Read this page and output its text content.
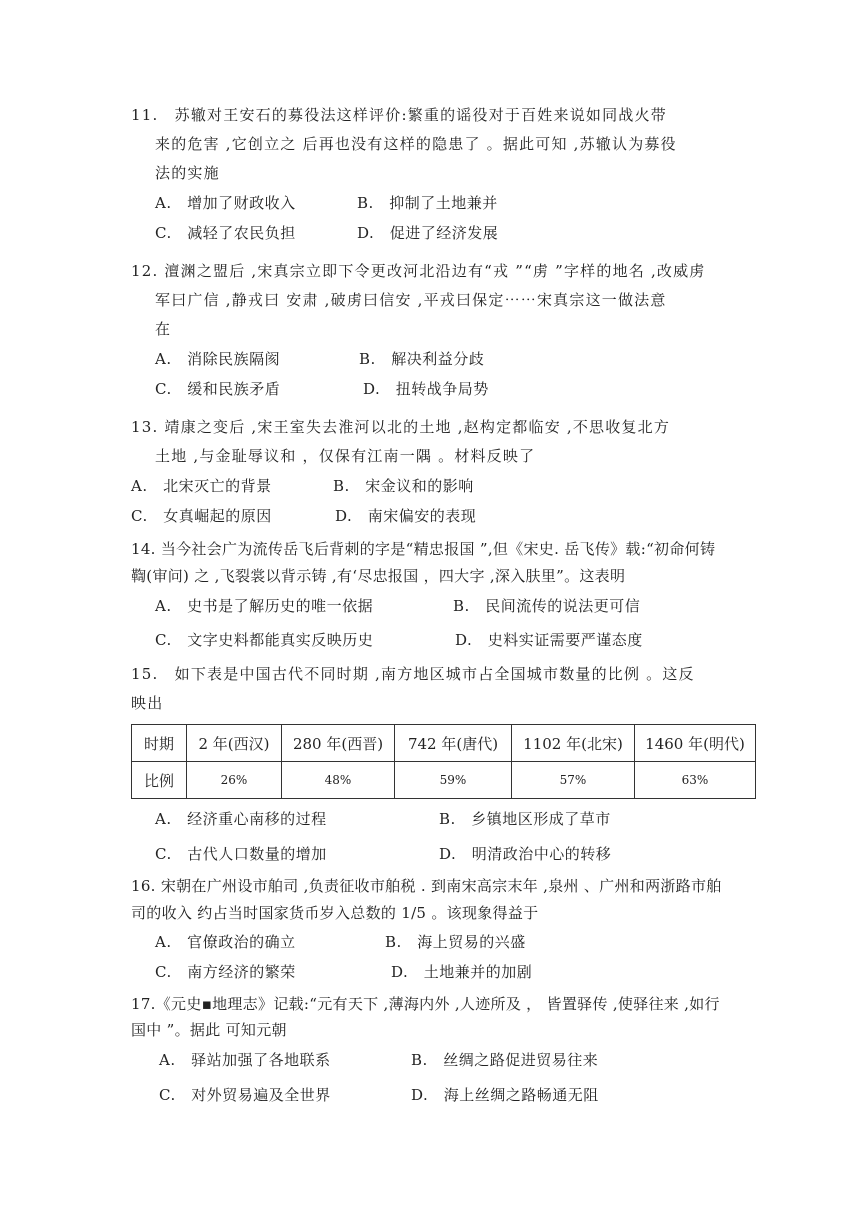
11.　苏辙对王安石的募役法这样评价:繁重的谣役对于百姓来说如同战火带
来的危害 ,它创立之 后再也没有这样的隐患了 。据此可知 ,苏辙认为募役
法的实施
A.　增加了财政收入	B.　抑制了土地兼并
C.　减轻了农民负担	D.　促进了经济发展
12. 澶渊之盟后 ,宋真宗立即下令更改河北沿边有“戎 ”“虏 ”字样的地名 ,改威虏
军曰广信 ,静戎曰 安肃 ,破虏曰信安 ,平戎曰保定⋯⋯宋真宗这一做法意
在
A.　消除民族隔阂	B.　解决利益分歧
C.　缓和民族矛盾	D.　扭转战争局势
13. 靖康之变后 ,宋王室失去淮河以北的土地 ,赵构定都临安 ,不思收复北方
土地 ,与金耻辱议和 ，仅保有江南一隅 。材料反映了
A.　北宋灭亡的背景	B.　宋金议和的影响
C.　女真崛起的原因	D.　南宋偏安的表现
14. 当今社会广为流传岳飞后背刺的字是“精忠报国 ”,但《宋史. 岳飞传》载:“初命何铸
鞫(审问) 之 ,飞裂裳以背示铸 ,有‘尽忠报国 ，四大字 ,深入肤里”。这表明
A.　史书是了解历史的唯一依据	B.　民间流传的说法更可信
C.　文字史料都能真实反映历史	D.　史料实证需要严谨态度
15.　如下表是中国古代不同时期 ,南方地区城市占全国城市数量的比例 。这反
映出
时期	2 年(西汉)	280 年(西晋)	742 年(唐代)	1102 年(北宋)	1460 年(明代)
比例	26%	48%	59%	57%	63%
A.　经济重心南移的过程	B.　乡镇地区形成了草市
C.　古代人口数量的增加	D.　明清政治中心的转移
16. 宋朝在广州设市舶司 ,负责征收市舶税 . 到南宋高宗末年 ,泉州 、广州和两浙路市舶
司的收入 约占当时国家货币岁入总数的 1/5 。该现象得益于
A.　官僚政治的确立	B.　海上贸易的兴盛
C.　南方经济的繁荣	D.　土地兼并的加剧
17.《元史▪地理志》记载:“元有天下 ,薄海内外 ,人迹所及 ， 皆置驿传 ,使驿往来 ,如行
国中 ”。据此 可知元朝
A.　驿站加强了各地联系	B.　丝绸之路促进贸易往来
C.　对外贸易遍及全世界	D.　海上丝绸之路畅通无阻
